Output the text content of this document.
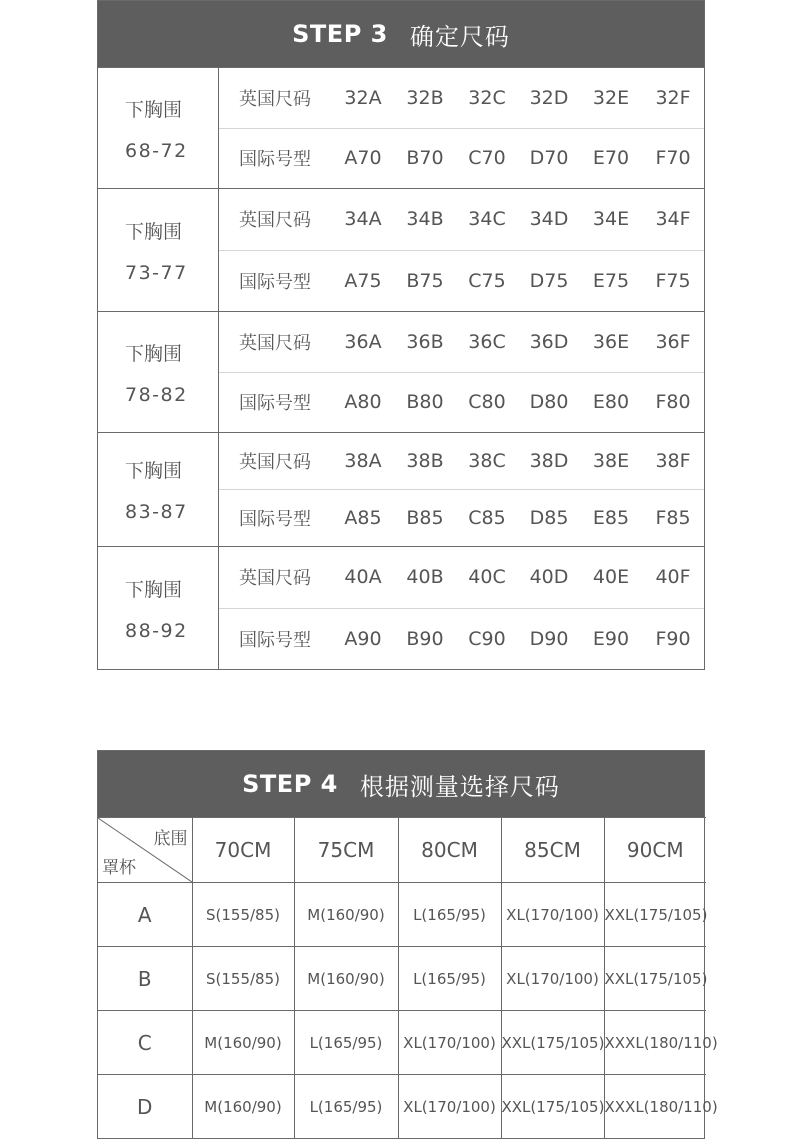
STEP 3 确定尺码
下胸围
68-72
英国尺码	32A	32B	32C	32D	32E	32F
国际号型	A70	B70	C70	D70	E70	F70
下胸围
73-77
英国尺码	34A	34B	34C	34D	34E	34F
国际号型	A75	B75	C75	D75	E75	F75
下胸围
78-82
英国尺码	36A	36B	36C	36D	36E	36F
国际号型	A80	B80	C80	D80	E80	F80
下胸围
83-87
英国尺码	38A	38B	38C	38D	38E	38F
国际号型	A85	B85	C85	D85	E85	F85
下胸围
88-92
英国尺码	40A	40B	40C	40D	40E	40F
国际号型	A90	B90	C90	D90	E90	F90
STEP 4 根据测量选择尺码
底围
罩杯	70CM	75CM	80CM	85CM	90CM
A	S(155/85)	M(160/90)	L(165/95)	XL(170/100)	XXL(175/105)
B	S(155/85)	M(160/90)	L(165/95)	XL(170/100)	XXL(175/105)
C	M(160/90)	L(165/95)	XL(170/100)	XXL(175/105)	XXXL(180/110)
D	M(160/90)	L(165/95)	XL(170/100)	XXL(175/105)	XXXL(180/110)
